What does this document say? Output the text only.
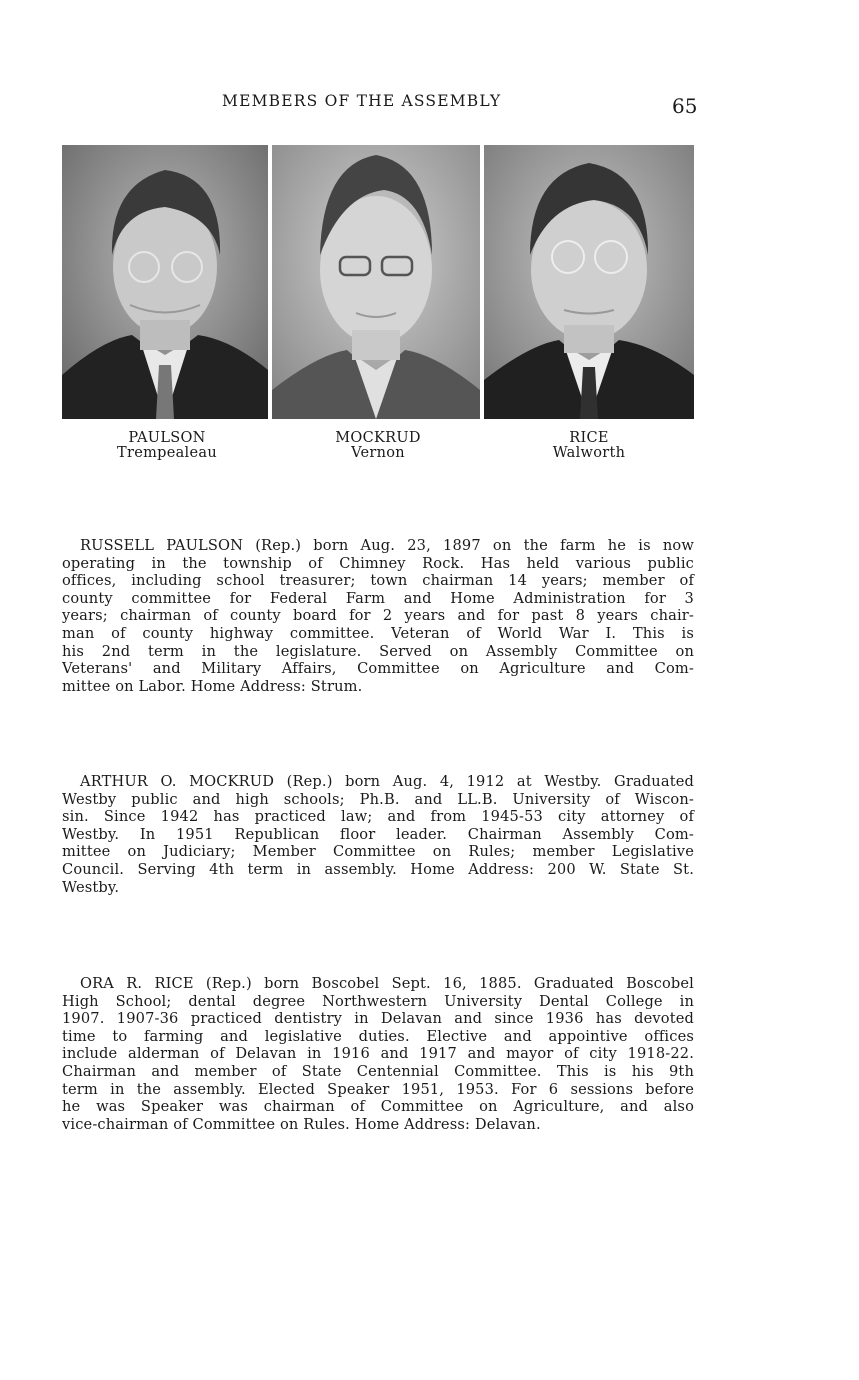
MEMBERS OF THE ASSEMBLY	65
PAULSON
Trempealeau
MOCKRUD
Vernon
RICE
Walworth
RUSSELL PAULSON (Rep.) born Aug. 23, 1897 on the farm he is now
operating in the township of Chimney Rock. Has held various public
offices, including school treasurer; town chairman 14 years; member of
county committee for Federal Farm and Home Administration for 3
years; chairman of county board for 2 years and for past 8 years chair-
man of county highway committee. Veteran of World War I. This is
his 2nd term in the legislature. Served on Assembly Committee on
Veterans' and Military Affairs, Committee on Agriculture and Com-
mittee on Labor. Home Address: Strum.
ARTHUR O. MOCKRUD (Rep.) born Aug. 4, 1912 at Westby. Graduated
Westby public and high schools; Ph.B. and LL.B. University of Wiscon-
sin. Since 1942 has practiced law; and from 1945-53 city attorney of
Westby. In 1951 Republican floor leader. Chairman Assembly Com-
mittee on Judiciary; Member Committee on Rules; member Legislative
Council. Serving 4th term in assembly. Home Address: 200 W. State St.
Westby.
ORA R. RICE (Rep.) born Boscobel Sept. 16, 1885. Graduated Boscobel
High School; dental degree Northwestern University Dental College in
1907. 1907-36 practiced dentistry in Delavan and since 1936 has devoted
time to farming and legislative duties. Elective and appointive offices
include alderman of Delavan in 1916 and 1917 and mayor of city 1918-22.
Chairman and member of State Centennial Committee. This is his 9th
term in the assembly. Elected Speaker 1951, 1953. For 6 sessions before
he was Speaker was chairman of Committee on Agriculture, and also
vice-chairman of Committee on Rules. Home Address: Delavan.
